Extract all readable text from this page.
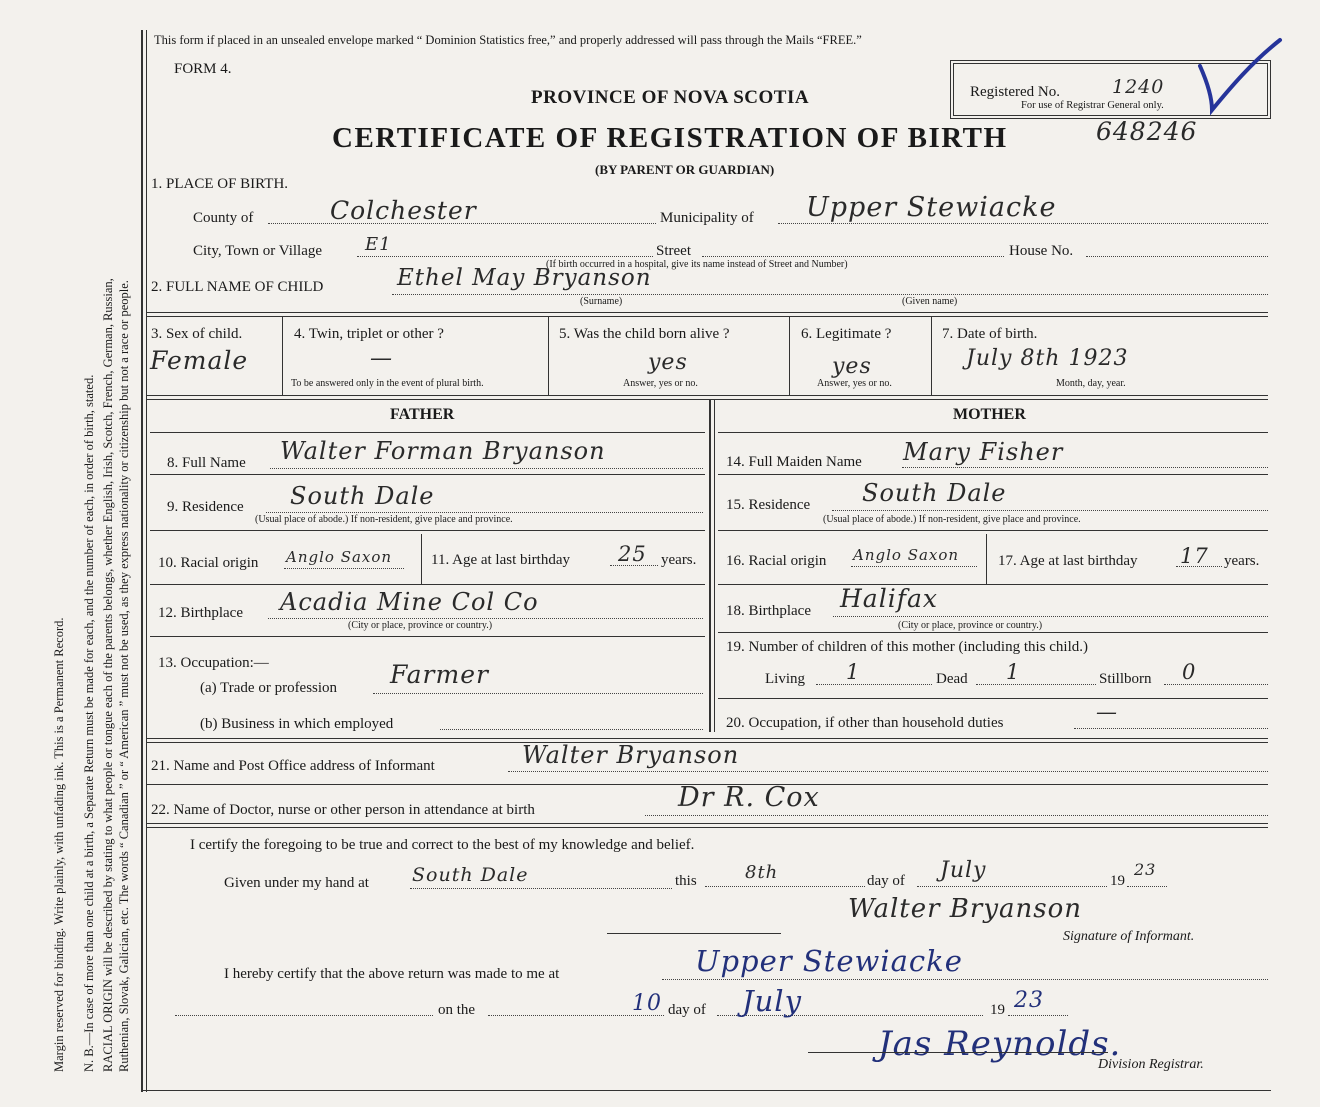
Margin reserved for binding. Write plainly, with unfading ink. This is a Permanent Record. N. B.—In case of more than one child at a birth, a Separate Return must be made for each, and the number of each, in order of birth, stated. RACIAL ORIGIN will be described by stating to what people or tongue each of the parents belongs, whether English, Irish, Scotch, French, German, Russian, Ruthenian, Slovak, Galician, etc. The words “ Canadian ” or “ American ” must not be used, as they express nationality or citizenship but not a race or people.
This form if placed in an unsealed envelope marked “ Dominion Statistics free,” and properly addressed will pass through the Mails “FREE.”
FORM 4.
PROVINCE OF NOVA SCOTIA
CERTIFICATE OF REGISTRATION OF BIRTH	648246
(BY PARENT OR GUARDIAN)
Registered No.	1240
For use of Registrar General only.
1. PLACE OF BIRTH.
County of	Colchester	Municipality of Upper Stewiacke
City, Town or Village E1	Street	House No.
(If birth occurred in a hospital, give its name instead of Street and Number)
2. FULL NAME OF CHILD	Ethel May Bryanson
(Surname)	(Given name)
3. Sex of child.
Female
4. Twin, triplet or other ?
—
To be answered only in the event of plural birth.
5. Was the child born alive ?
yes
Answer, yes or no.
6. Legitimate ?
yes
Answer, yes or no.
7. Date of birth.
July 8th 1923
Month, day, year.
FATHER	MOTHER
8. Full Name Walter Forman Bryanson	14. Full Maiden Name Mary Fisher
9. Residence South Dale
(Usual place of abode.) If non-resident, give place and province.
15. Residence South Dale
(Usual place of abode.) If non-resident, give place and province.
10. Racial origin Anglo Saxon	11. Age at last birthday 25 years. 16. Racial origin Anglo Saxon	17. Age at last birthday 17 years.
12. Birthplace Acadia Mine Col Co
(City or place, province or country.)
18. Birthplace Halifax
(City or place, province or country.)
13. Occupation:—
(a) Trade or profession Farmer
(b) Business in which employed
19. Number of children of this mother (including this child.)
Living 1	Dead 1	Stillborn 0
20. Occupation, if other than household duties	—
21. Name and Post Office address of Informant	Walter Bryanson
22. Name of Doctor, nurse or other person in attendance at birth	Dr R. Cox
I certify the foregoing to be true and correct to the best of my knowledge and belief.
Given under my hand at South Dale	this	8th	day of July	19
23
Walter Bryanson
Signature of Informant.
I hereby certify that the above return was made to me at	Upper Stewiacke
on the	10 day of July	19 23
Jas Reynolds.
Division Registrar.
